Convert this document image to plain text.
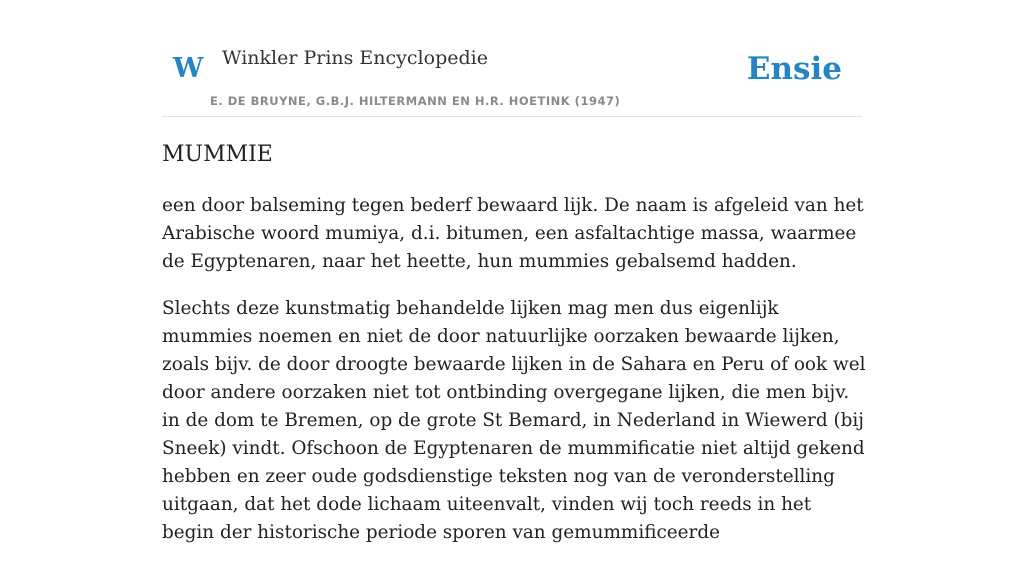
W Winkler Prins Encyclopedie
E. DE BRUYNE, G.B.J. HILTERMANN EN H.R. HOETINK (1947)
Ensie
MUMMIE

een door balseming tegen bederf bewaard lijk. De naam is afgeleid van het Arabische woord mumiya, d.i. bitumen, een asfaltachtige massa, waarmee de Egyptenaren, naar het heette, hun mummies gebalsemd hadden.

Slechts deze kunstmatig behandelde lijken mag men dus eigenlijk mummies noemen en niet de door natuurlijke oorzaken bewaarde lijken, zoals bijv. de door droogte bewaarde lijken in de Sahara en Peru of ook wel door andere oorzaken niet tot ontbinding overgegane lijken, die men bijv. in de dom te Bremen, op de grote St Bemard, in Nederland in Wiewerd (bij Sneek) vindt. Ofschoon de Egyptenaren de mummificatie niet altijd gekend hebben en zeer oude godsdienstige teksten nog van de veronderstelling uitgaan, dat het dode lichaam uiteenvalt, vinden wij toch reeds in het begin der historische periode sporen van gemummificeerde
